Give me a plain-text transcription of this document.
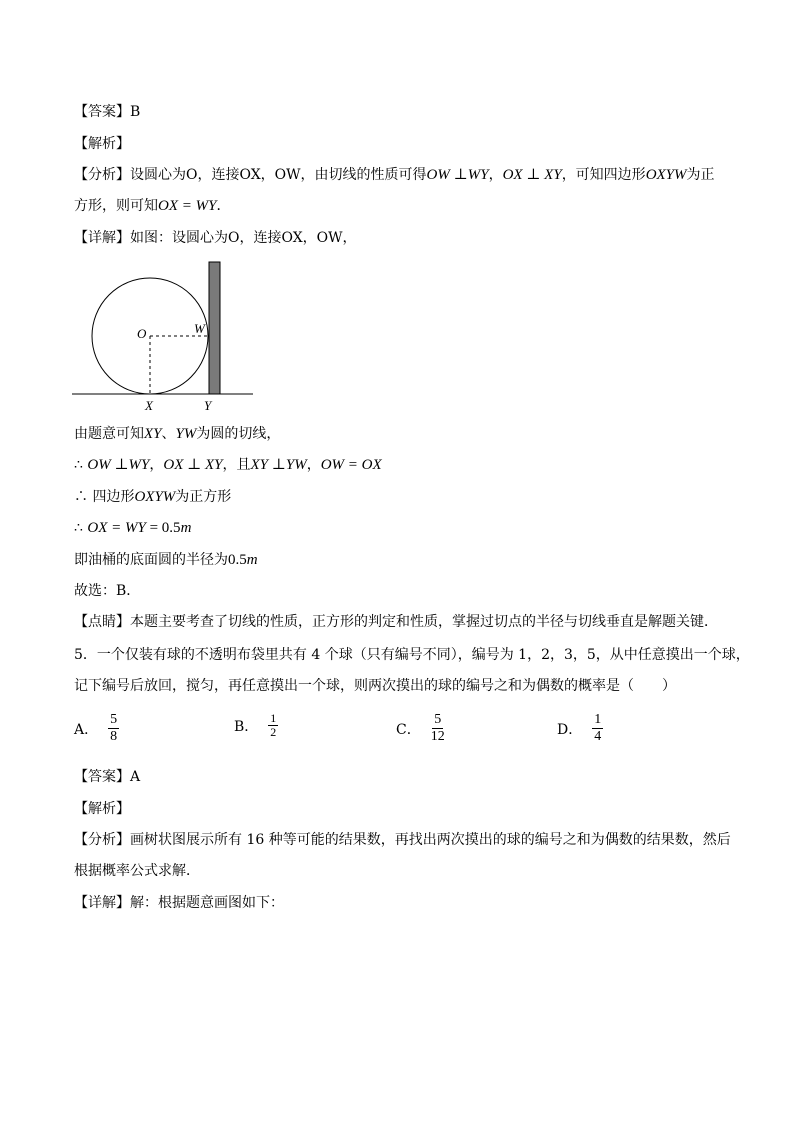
【答案】B
【解析】
【分析】设圆心为O，连接OX，OW，由切线的性质可得OW ⊥WY，OX ⊥ XY，可知四边形OXYW为正
方形，则可知OX = WY．
【详解】如图：设圆心为O，连接OX，OW，
O	W
X	Y
由题意可知XY、YW为圆的切线，
∴ OW ⊥WY，OX ⊥ XY，且XY ⊥YW，OW = OX
∴ 四边形OXYW为正方形
∴ OX = WY = 0.5m
即油桶的底面圆的半径为0.5m
故选：B．
【点睛】本题主要考查了切线的性质，正方形的判定和性质，掌握过切点的半径与切线垂直是解题关键．
5．一个仅装有球的不透明布袋里共有 4 个球（只有编号不同），编号为 1，2，3，5，从中任意摸出一个球，
记下编号后放回，搅匀，再任意摸出一个球，则两次摸出的球的编号之和为偶数的概率是（　　）
A． $\frac{5}{8}$	B． $\frac{1}{2}$	C． $\frac{5}{12}$	D． $\frac{1}{4}$
【答案】A
【解析】
【分析】画树状图展示所有 16 种等可能的结果数，再找出两次摸出的球的编号之和为偶数的结果数，然后
根据概率公式求解．
【详解】解：根据题意画图如下：
